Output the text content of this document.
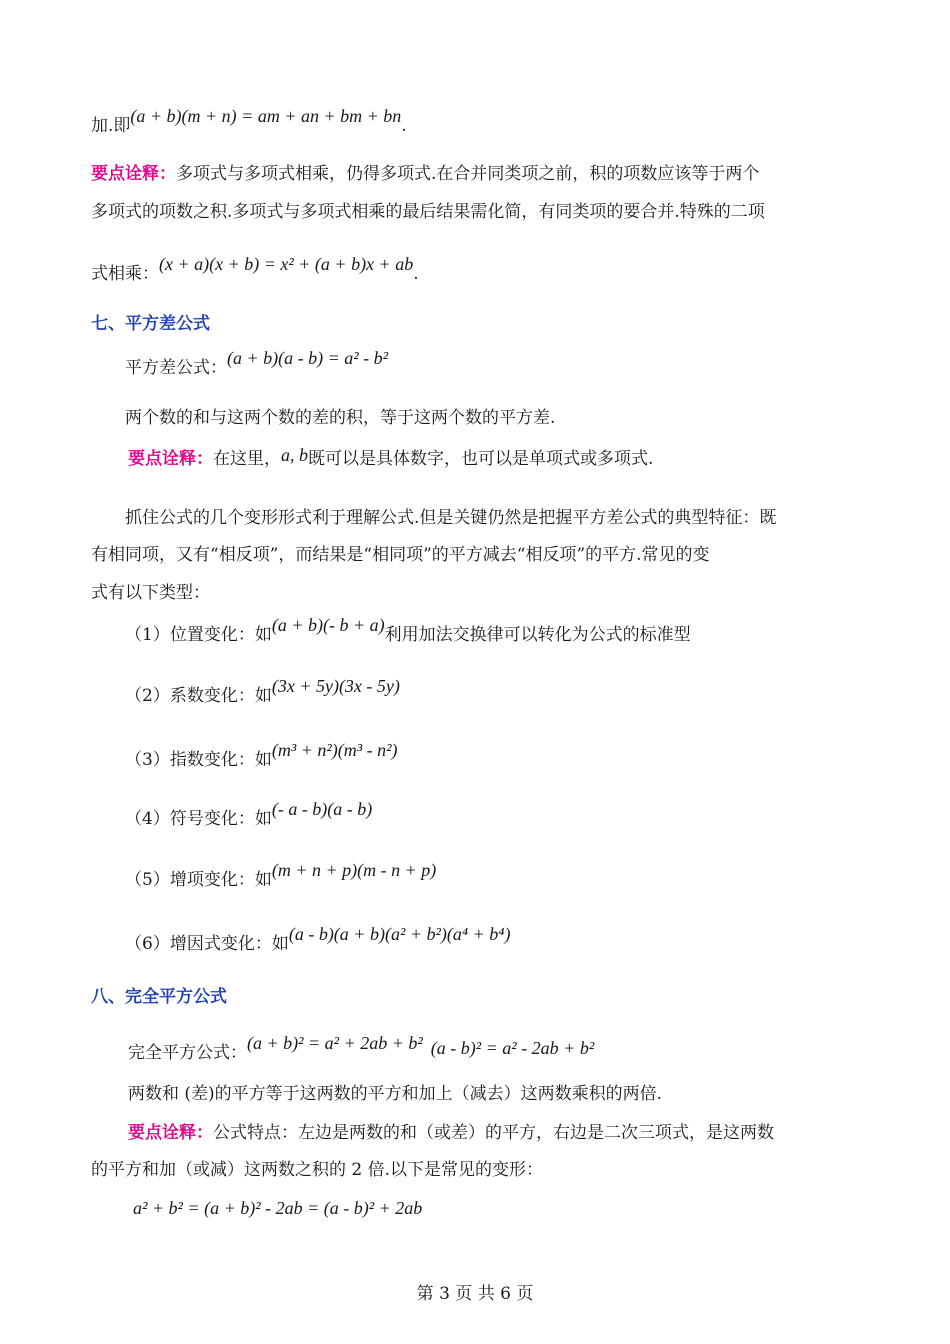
加.即(a + b)(m + n) = am + an + bm + bn.
要点诠释：多项式与多项式相乘，仍得多项式.在合并同类项之前，积的项数应该等于两个
多项式的项数之积.多项式与多项式相乘的最后结果需化简，有同类项的要合并.特殊的二项
式相乘：(x + a)(x + b) = x² + (a + b)x + ab.
七、平方差公式
平方差公式：(a + b)(a - b) = a² - b²
两个数的和与这两个数的差的积，等于这两个数的平方差.
要点诠释：在这里，a, b既可以是具体数字，也可以是单项式或多项式.
抓住公式的几个变形形式利于理解公式.但是关键仍然是把握平方差公式的典型特征：既
有相同项，又有“相反项”，而结果是“相同项”的平方减去“相反项”的平方.常见的变
式有以下类型：
（1）位置变化：如(a + b)(- b + a)利用加法交换律可以转化为公式的标准型
（2）系数变化：如(3x + 5y)(3x - 5y)
（3）指数变化：如(m³ + n²)(m³ - n²)
（4）符号变化：如(- a - b)(a - b)
（5）增项变化：如(m + n + p)(m - n + p)
（6）增因式变化：如(a - b)(a + b)(a² + b²)(a⁴ + b⁴)
八、完全平方公式
完全平方公式：(a + b)² = a² + 2ab + b² (a - b)² = a² - 2ab + b²
两数和 (差)的平方等于这两数的平方和加上（减去）这两数乘积的两倍.
要点诠释：公式特点：左边是两数的和（或差）的平方，右边是二次三项式，是这两数
的平方和加（或减）这两数之积的 2 倍.以下是常见的变形：
a² + b² = (a + b)² - 2ab = (a - b)² + 2ab
第 3 页 共 6 页
